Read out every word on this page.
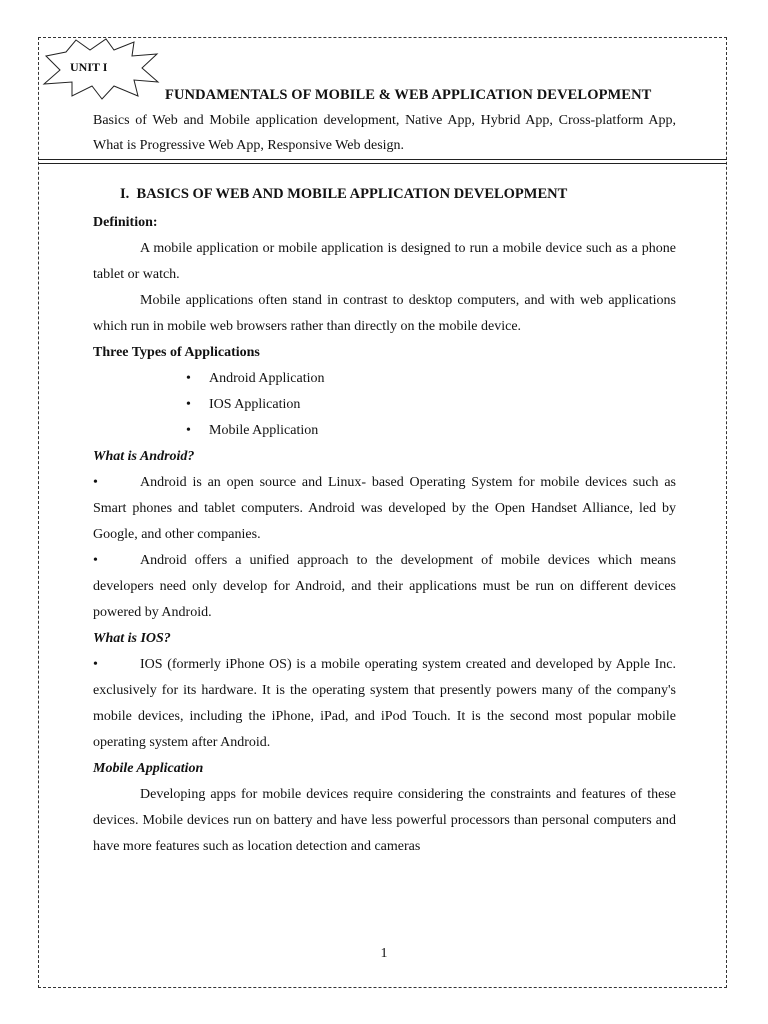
UNIT I
FUNDAMENTALS OF MOBILE & WEB APPLICATION DEVELOPMENT
Basics of Web and Mobile application development, Native App, Hybrid App, Cross-platform App, What is Progressive Web App, Responsive Web design.
I.  BASICS OF WEB AND MOBILE APPLICATION DEVELOPMENT

Definition:

A mobile application or mobile application is designed to run a mobile device such as a phone tablet or watch.

Mobile applications often stand in contrast to desktop computers, and with web applications which run in mobile web browsers rather than directly on the mobile device.

Three Types of Applications

• Android Application
• IOS Application
• Mobile Application

What is Android?

•	Android is an open source and Linux- based Operating System for mobile devices such as Smart phones and tablet computers. Android was developed by the Open Handset Alliance, led by Google, and other companies.

•	Android offers a unified approach to the development of mobile devices which means developers need only develop for Android, and their applications must be run on different devices powered by Android.

What is IOS?

•	IOS (formerly iPhone OS) is a mobile operating system created and developed by Apple Inc. exclusively for its hardware. It is the operating system that presently powers many of the company's mobile devices, including the iPhone, iPad, and iPod Touch. It is the second most popular mobile operating system after Android.

Mobile Application

Developing apps for mobile devices require considering the constraints and features of these devices. Mobile devices run on battery and have less powerful processors than personal computers and have more features such as location detection and cameras

1
